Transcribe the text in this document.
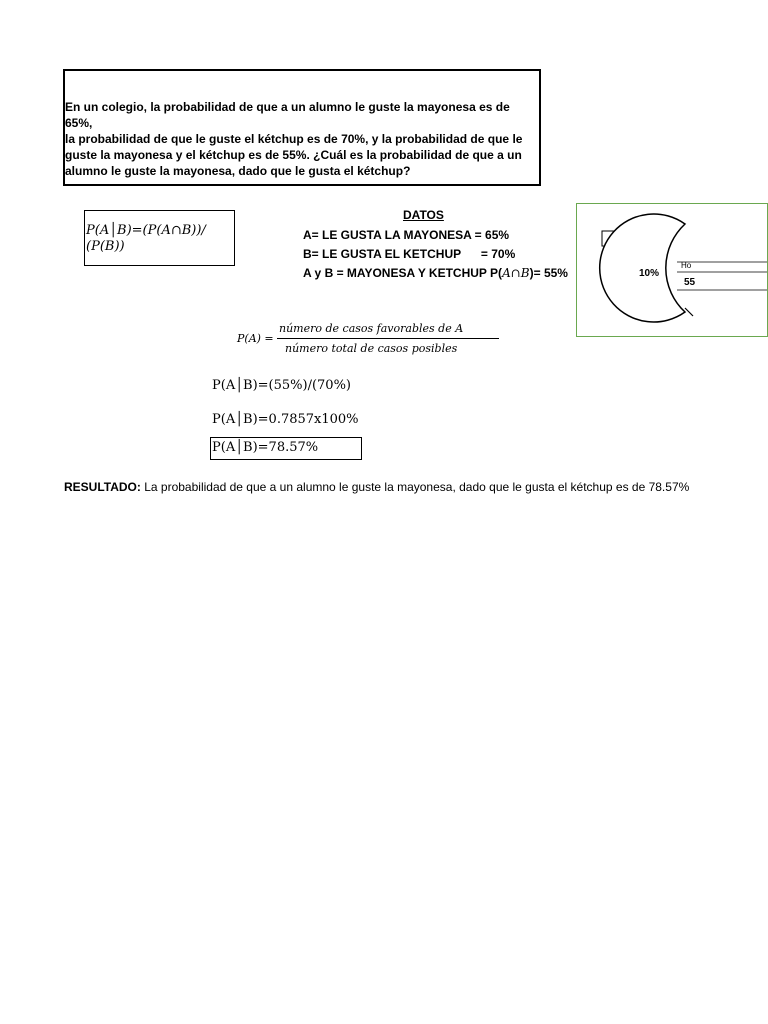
En un colegio, la probabilidad de que a un alumno le guste la mayonesa es de 65%,
la probabilidad de que le guste el kétchup es de 70%, y la probabilidad de que le
guste la mayonesa y el kétchup es de 55%. ¿Cuál es la probabilidad de que a un
alumno le guste la mayonesa, dado que le gusta el kétchup?

P(A│B)=(P(A∩B))/
(P(B))
DATOS
A= LE GUSTA LA MAYONESA = 65%
B= LE GUSTA EL KETCHUP      = 70%
A y B = MAYONESA Y KETCHUP P(A∩B)= 55%	10%
Ho
55
P(A) =
número de casos favorables de A
número total de casos posibles
P(A│B)=(55%)/(70%)
P(A│B)=0.7857x100%
P(A│B)=78.57%
RESULTADO: La probabilidad de que a un alumno le guste la mayonesa, dado que le gusta el kétchup es de 78.57%
